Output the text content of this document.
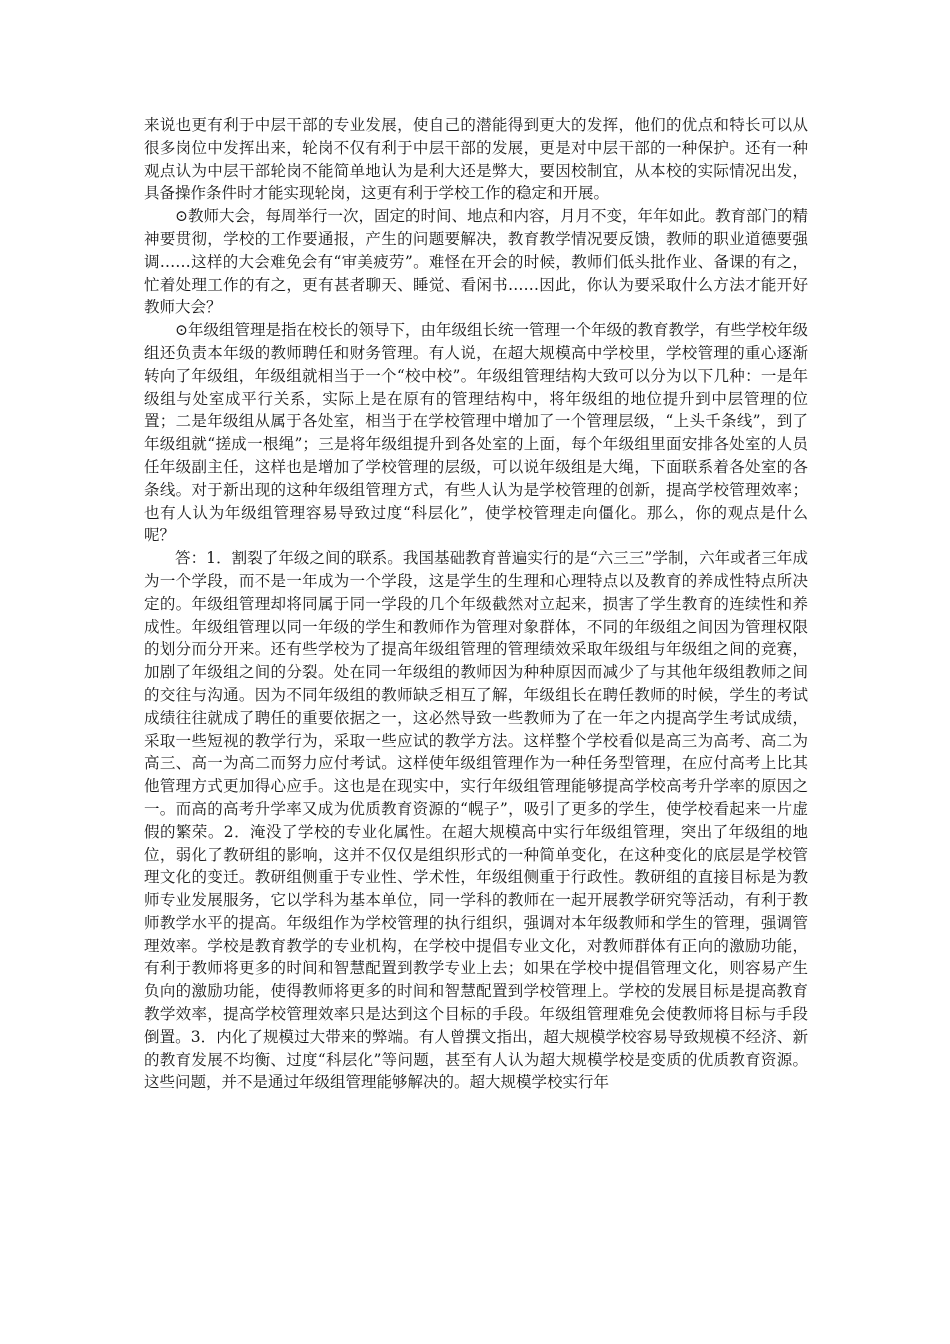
来说也更有利于中层干部的专业发展，使自己的潜能得到更大的发挥，他们的优点和特长可以从很多岗位中发挥出来，轮岗不仅有利于中层干部的发展，更是对中层干部的一种保护。还有一种观点认为中层干部轮岗不能简单地认为是利大还是弊大，要因校制宜，从本校的实际情况出发，具备操作条件时才能实现轮岗，这更有利于学校工作的稳定和开展。

⊙教师大会，每周举行一次，固定的时间、地点和内容，月月不变，年年如此。教育部门的精神要贯彻，学校的工作要通报，产生的问题要解决，教育教学情况要反馈，教师的职业道德要强调……这样的大会难免会有“审美疲劳”。难怪在开会的时候，教师们低头批作业、备课的有之，忙着处理工作的有之，更有甚者聊天、睡觉、看闲书……因此，你认为要采取什么方法才能开好教师大会？

⊙年级组管理是指在校长的领导下，由年级组长统一管理一个年级的教育教学，有些学校年级组还负责本年级的教师聘任和财务管理。有人说，在超大规模高中学校里，学校管理的重心逐渐转向了年级组，年级组就相当于一个“校中校”。年级组管理结构大致可以分为以下几种：一是年级组与处室成平行关系，实际上是在原有的管理结构中，将年级组的地位提升到中层管理的位置；二是年级组从属于各处室，相当于在学校管理中增加了一个管理层级，“上头千条线”，到了年级组就“搓成一根绳”；三是将年级组提升到各处室的上面，每个年级组里面安排各处室的人员任年级副主任，这样也是增加了学校管理的层级，可以说年级组是大绳，下面联系着各处室的各条线。对于新出现的这种年级组管理方式，有些人认为是学校管理的创新，提高学校管理效率；也有人认为年级组管理容易导致过度“科层化”，使学校管理走向僵化。那么，你的观点是什么呢？

答：1．割裂了年级之间的联系。我国基础教育普遍实行的是“六三三”学制，六年或者三年成为一个学段，而不是一年成为一个学段，这是学生的生理和心理特点以及教育的养成性特点所决定的。年级组管理却将同属于同一学段的几个年级截然对立起来，损害了学生教育的连续性和养成性。年级组管理以同一年级的学生和教师作为管理对象群体，不同的年级组之间因为管理权限的划分而分开来。还有些学校为了提高年级组管理的管理绩效采取年级组与年级组之间的竞赛，加剧了年级组之间的分裂。处在同一年级组的教师因为种种原因而减少了与其他年级组教师之间的交往与沟通。因为不同年级组的教师缺乏相互了解，年级组长在聘任教师的时候，学生的考试成绩往往就成了聘任的重要依据之一，这必然导致一些教师为了在一年之内提高学生考试成绩，采取一些短视的教学行为，采取一些应试的教学方法。这样整个学校看似是高三为高考、高二为高三、高一为高二而努力应付考试。这样使年级组管理作为一种任务型管理，在应付高考上比其他管理方式更加得心应手。这也是在现实中，实行年级组管理能够提高学校高考升学率的原因之一。而高的高考升学率又成为优质教育资源的“幌子”，吸引了更多的学生，使学校看起来一片虚假的繁荣。2．淹没了学校的专业化属性。在超大规模高中实行年级组管理，突出了年级组的地位，弱化了教研组的影响，这并不仅仅是组织形式的一种简单变化，在这种变化的底层是学校管理文化的变迁。教研组侧重于专业性、学术性，年级组侧重于行政性。教研组的直接目标是为教师专业发展服务，它以学科为基本单位，同一学科的教师在一起开展教学研究等活动，有利于教师教学水平的提高。年级组作为学校管理的执行组织，强调对本年级教师和学生的管理，强调管理效率。学校是教育教学的专业机构，在学校中提倡专业文化，对教师群体有正向的激励功能，有利于教师将更多的时间和智慧配置到教学专业上去；如果在学校中提倡管理文化，则容易产生负向的激励功能，使得教师将更多的时间和智慧配置到学校管理上。学校的发展目标是提高教育教学效率，提高学校管理效率只是达到这个目标的手段。年级组管理难免会使教师将目标与手段倒置。3．内化了规模过大带来的弊端。有人曾撰文指出，超大规模学校容易导致规模不经济、新的教育发展不均衡、过度“科层化”等问题，甚至有人认为超大规模学校是变质的优质教育资源。这些问题，并不是通过年级组管理能够解决的。超大规模学校实行年
